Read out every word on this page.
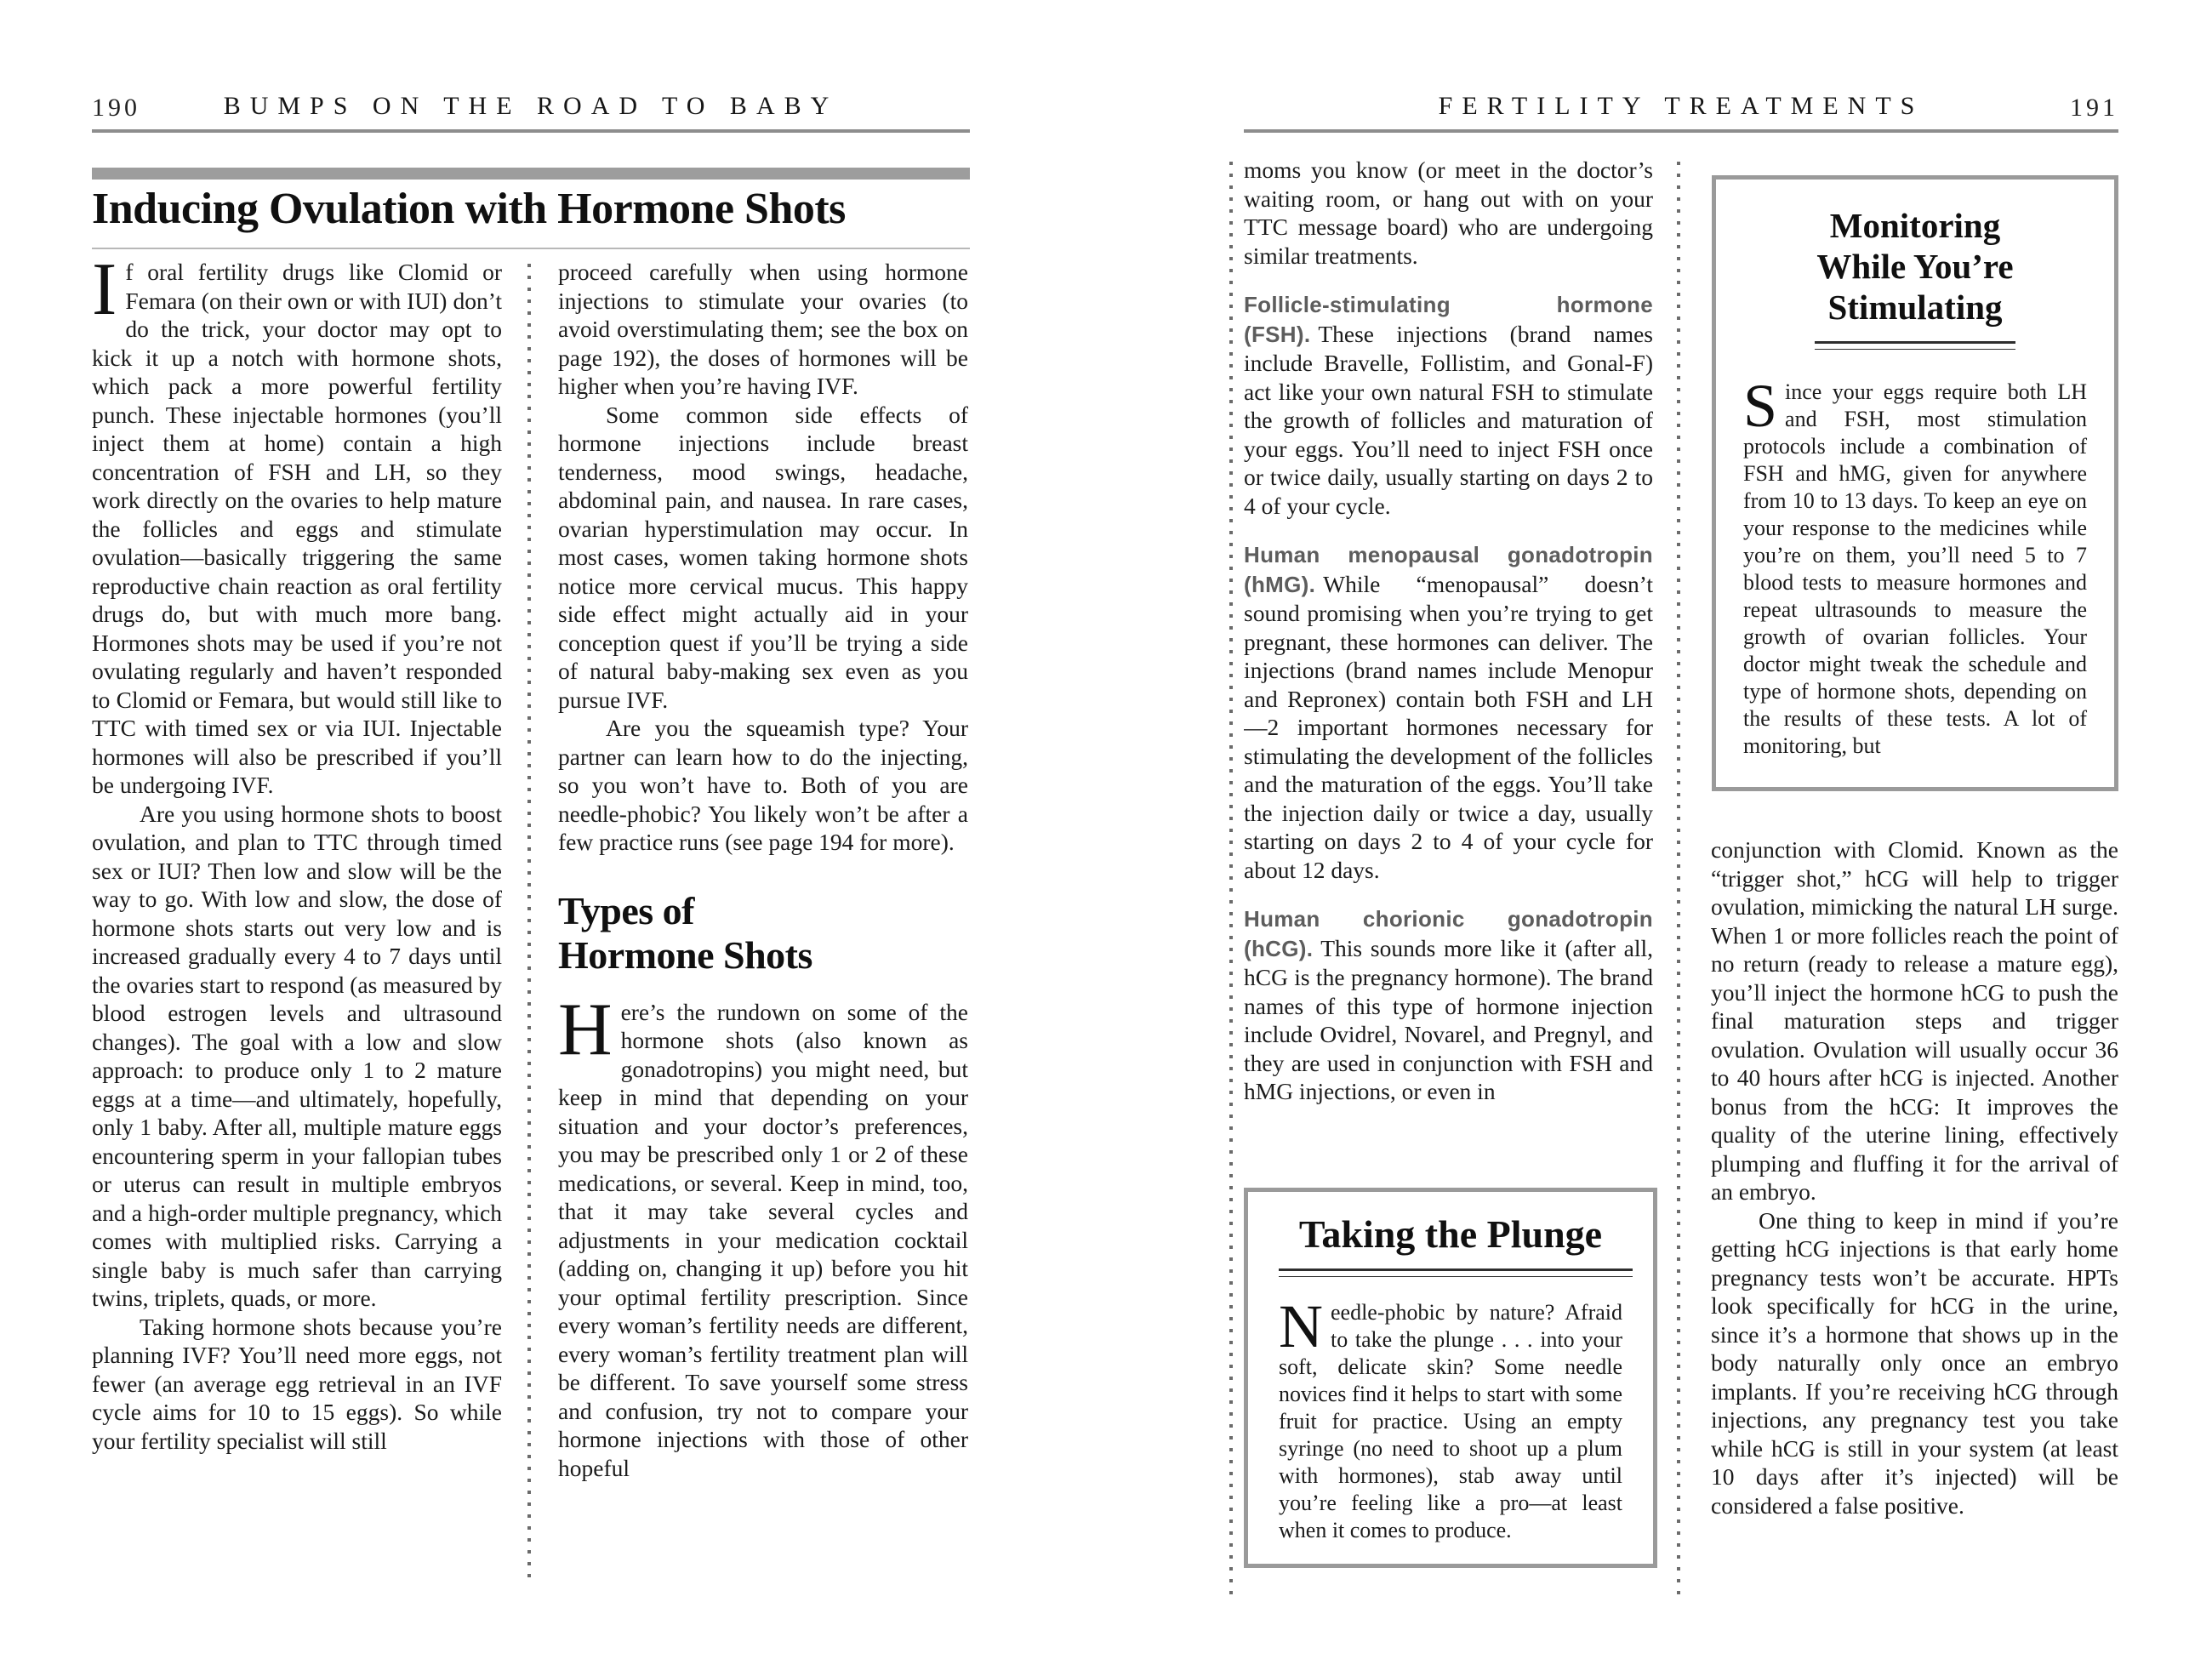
190	BUMPS ON THE ROAD TO BABY
Inducing Ovulation with Hormone Shots

If oral fertility drugs like Clomid or Femara (on their own or with IUI) don’t do the trick, your doctor may opt to kick it up a notch with hormone shots, which pack a more powerful fertility punch. These injectable hormones (you’ll inject them at home) contain a high concentration of FSH and LH, so they work directly on the ovaries to help mature the follicles and eggs and stimulate ovulation—basically triggering the same reproductive chain reaction as oral fertility drugs do, but with much more bang. Hormones shots may be used if you’re not ovulating regularly and haven’t responded to Clomid or Femara, but would still like to TTC with timed sex or via IUI. Injectable hormones will also be prescribed if you’ll be undergoing IVF.

Are you using hormone shots to boost ovulation, and plan to TTC through timed sex or IUI? Then low and slow will be the way to go. With low and slow, the dose of hormone shots starts out very low and is increased gradually every 4 to 7 days until the ovaries start to respond (as measured by blood estrogen levels and ultrasound changes). The goal with a low and slow approach: to produce only 1 to 2 mature eggs at a time—and ultimately, hopefully, only 1 baby. After all, multiple mature eggs encountering sperm in your fallopian tubes or uterus can result in multiple embryos and a high-order multiple pregnancy, which comes with multiplied risks. Carrying a single baby is much safer than carrying twins, triplets, quads, or more.

Taking hormone shots because you’re planning IVF? You’ll need more eggs, not fewer (an average egg retrieval in an IVF cycle aims for 10 to 15 eggs). So while your fertility specialist will still

proceed carefully when using hormone injections to stimulate your ovaries (to avoid overstimulating them; see the box on page 192), the doses of hormones will be higher when you’re having IVF.

Some common side effects of hormone injections include breast tenderness, mood swings, headache, abdominal pain, and nausea. In rare cases, ovarian hyperstimulation may occur. In most cases, women taking hormone shots notice more cervical mucus. This happy side effect might actually aid in your conception quest if you’ll be trying a side of natural baby-making sex even as you pursue IVF.

Are you the squeamish type? Your partner can learn how to do the injecting, so you won’t have to. Both of you are needle-phobic? You likely won’t be after a few practice runs (see page 194 for more).

Types of
Hormone Shots

Here’s the rundown on some of the hormone shots (also known as gonadotropins) you might need, but keep in mind that depending on your situation and your doctor’s preferences, you may be prescribed only 1 or 2 of these medications, or several. Keep in mind, too, that it may take several cycles and adjustments in your medication cocktail (adding on, changing it up) before you hit your optimal fertility prescription. Since every woman’s fertility needs are different, every woman’s fertility treatment plan will be different. To save yourself some stress and confusion, try not to compare your hormone injections with those of other hopeful

FERTILITY TREATMENTS	191

moms you know (or meet in the doctor’s waiting room, or hang out with on your TTC message board) who are undergoing similar treatments.

Follicle-stimulating hormone (FSH). These injections (brand names include Bravelle, Follistim, and Gonal-F) act like your own natural FSH to stimulate the growth of follicles and maturation of your eggs. You’ll need to inject FSH once or twice daily, usually starting on days 2 to 4 of your cycle.

Human menopausal gonadotropin (hMG). While “menopausal” doesn’t sound promising when you’re trying to get pregnant, these hormones can deliver. The injections (brand names include Menopur and Repronex) contain both FSH and LH—2 important hormones necessary for stimulating the development of the follicles and the maturation of the eggs. You’ll take the injection daily or twice a day, usually starting on days 2 to 4 of your cycle for about 12 days.

Human chorionic gonadotropin (hCG). This sounds more like it (after all, hCG is the pregnancy hormone). The brand names of this type of hormone injection include Ovidrel, Novarel, and Pregnyl, and they are used in conjunction with FSH and hMG injections, or even in

Taking the Plunge
Needle-phobic by nature? Afraid to take the plunge . . . into your soft, delicate skin? Some needle novices find it helps to start with some fruit for practice. Using an empty syringe (no need to shoot up a plum with hormones), stab away until you’re feeling like a pro—at least when it comes to produce.
Monitoring
While You’re
Stimulating
Since your eggs require both LH and FSH, most stimulation protocols include a combination of FSH and hMG, given for anywhere from 10 to 13 days. To keep an eye on your response to the medicines while you’re on them, you’ll need 5 to 7 blood tests to measure hormones and repeat ultrasounds to measure the growth of ovarian follicles. Your doctor might tweak the schedule and type of hormone shots, depending on the results of these tests. A lot of monitoring, but

conjunction with Clomid. Known as the “trigger shot,” hCG will help to trigger ovulation, mimicking the natural LH surge. When 1 or more follicles reach the point of no return (ready to release a mature egg), you’ll inject the hormone hCG to push the final maturation steps and trigger ovulation. Ovulation will usually occur 36 to 40 hours after hCG is injected. Another bonus from the hCG: It improves the quality of the uterine lining, effectively plumping and fluffing it for the arrival of an embryo.

One thing to keep in mind if you’re getting hCG injections is that early home pregnancy tests won’t be accurate. HPTs look specifically for hCG in the urine, since it’s a hormone that shows up in the body naturally only once an embryo implants. If you’re receiving hCG through injections, any pregnancy test you take while hCG is still in your system (at least 10 days after it’s injected) will be considered a false positive.
